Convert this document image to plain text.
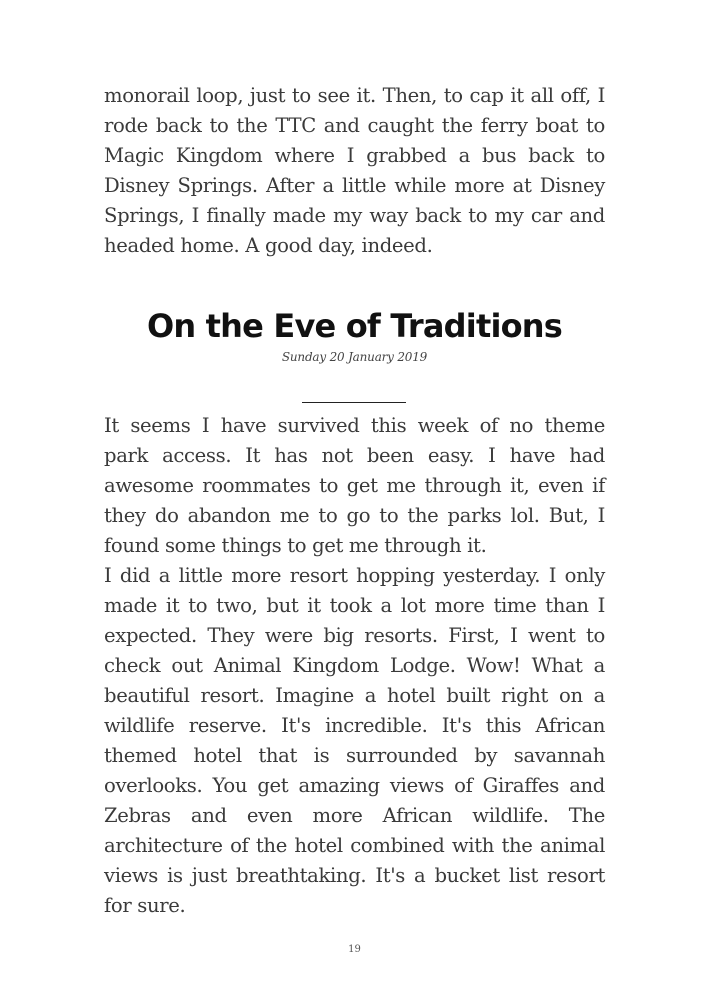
monorail loop, just to see it. Then, to cap it all off, I rode back to the TTC and caught the ferry boat to Magic Kingdom where I grabbed a bus back to Disney Springs. After a little while more at Disney Springs, I finally made my way back to my car and headed home. A good day, indeed.

On the Eve of Traditions
Sunday 20 January 2019

It seems I have survived this week of no theme park access. It has not been easy. I have had awesome roommates to get me through it, even if they do abandon me to go to the parks lol. But, I found some things to get me through it.

I did a little more resort hopping yesterday. I only made it to two, but it took a lot more time than I expected. They were big resorts. First, I went to check out Animal Kingdom Lodge. Wow! What a beautiful resort. Imagine a hotel built right on a wildlife reserve. It's incredible. It's this African themed hotel that is surrounded by savannah overlooks. You get amazing views of Giraffes and Zebras and even more African wildlife. The architecture of the hotel combined with the animal views is just breathtaking. It's a bucket list resort for sure.

19
